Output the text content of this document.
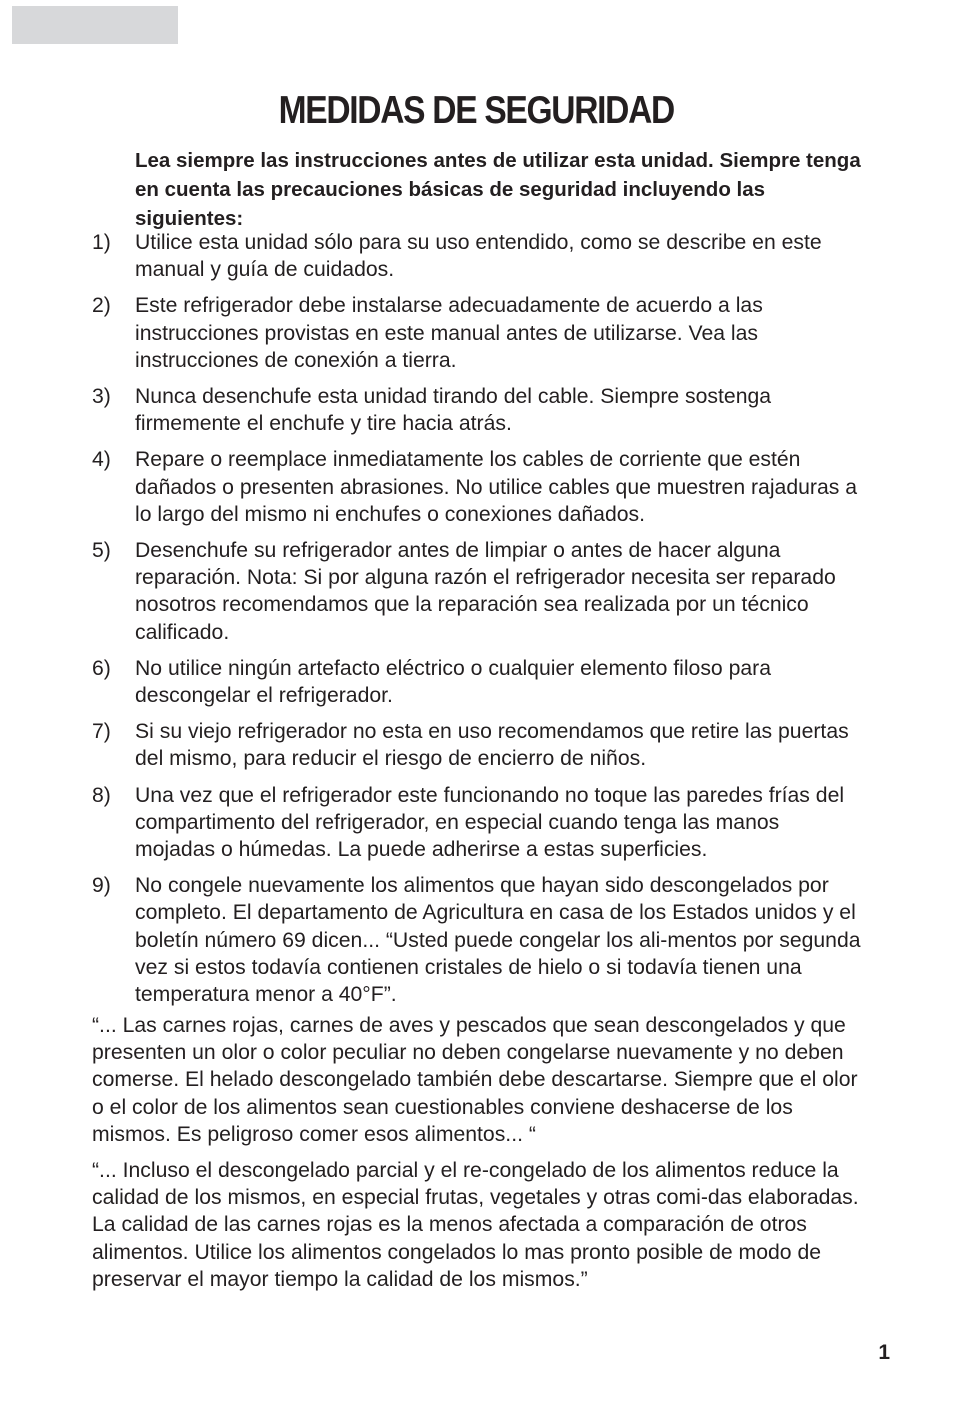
MEDIDAS DE SEGURIDAD

Lea siempre las instrucciones antes de utilizar esta unidad. Siempre tenga en cuenta las precauciones básicas de seguridad incluyendo las siguientes:

1)	Utilice esta unidad sólo para su uso entendido, como se describe en este manual y guía de cuidados.
2)	Este refrigerador debe instalarse adecuadamente de acuerdo a las instrucciones provistas en este manual antes de utilizarse. Vea las instrucciones de conexión a tierra.
3)	Nunca desenchufe esta unidad tirando del cable. Siempre sostenga firmemente el enchufe y tire hacia atrás.
4)	Repare o reemplace inmediatamente los cables de corriente que estén dañados o presenten abrasiones. No utilice cables que muestren rajaduras a lo largo del mismo ni enchufes o conexiones dañados.
5)	Desenchufe su refrigerador antes de limpiar o antes de hacer alguna reparación. Nota: Si por alguna razón el refrigerador necesita ser reparado nosotros recomendamos que la reparación sea realizada por un técnico calificado.
6)	No utilice ningún artefacto eléctrico o cualquier elemento filoso para descongelar el refrigerador.
7)	Si su viejo refrigerador no esta en uso recomendamos que retire las puertas del mismo, para reducir el riesgo de encierro de niños.
8)	Una vez que el refrigerador este funcionando no toque las paredes frías del compartimento del refrigerador, en especial cuando tenga las manos mojadas o húmedas. La puede adherirse a estas superficies.
9)	No congele nuevamente los alimentos que hayan sido descongelados por completo. El departamento de Agricultura en casa de los Estados unidos y el boletín número 69 dicen... “Usted puede congelar los ali-mentos por segunda vez si estos todavía contienen cristales de hielo o si todavía tienen una temperatura menor a 40°F”.

“... Las carnes rojas, carnes de aves y pescados que sean descongelados y que presenten un olor o color peculiar no deben congelarse nuevamente y no deben comerse. El helado descongelado también debe descartarse. Siempre que el olor o el color de los alimentos sean cuestionables conviene deshacerse de los mismos. Es peligroso comer esos alimentos... “

“... Incluso el descongelado parcial y el re-congelado de los alimentos reduce la calidad de los mismos, en especial frutas, vegetales y otras comi-das elaboradas. La calidad de las carnes rojas es la menos afectada a comparación de otros alimentos. Utilice los alimentos congelados lo mas pronto posible de modo de preservar el mayor tiempo la calidad de los mismos.”

1
